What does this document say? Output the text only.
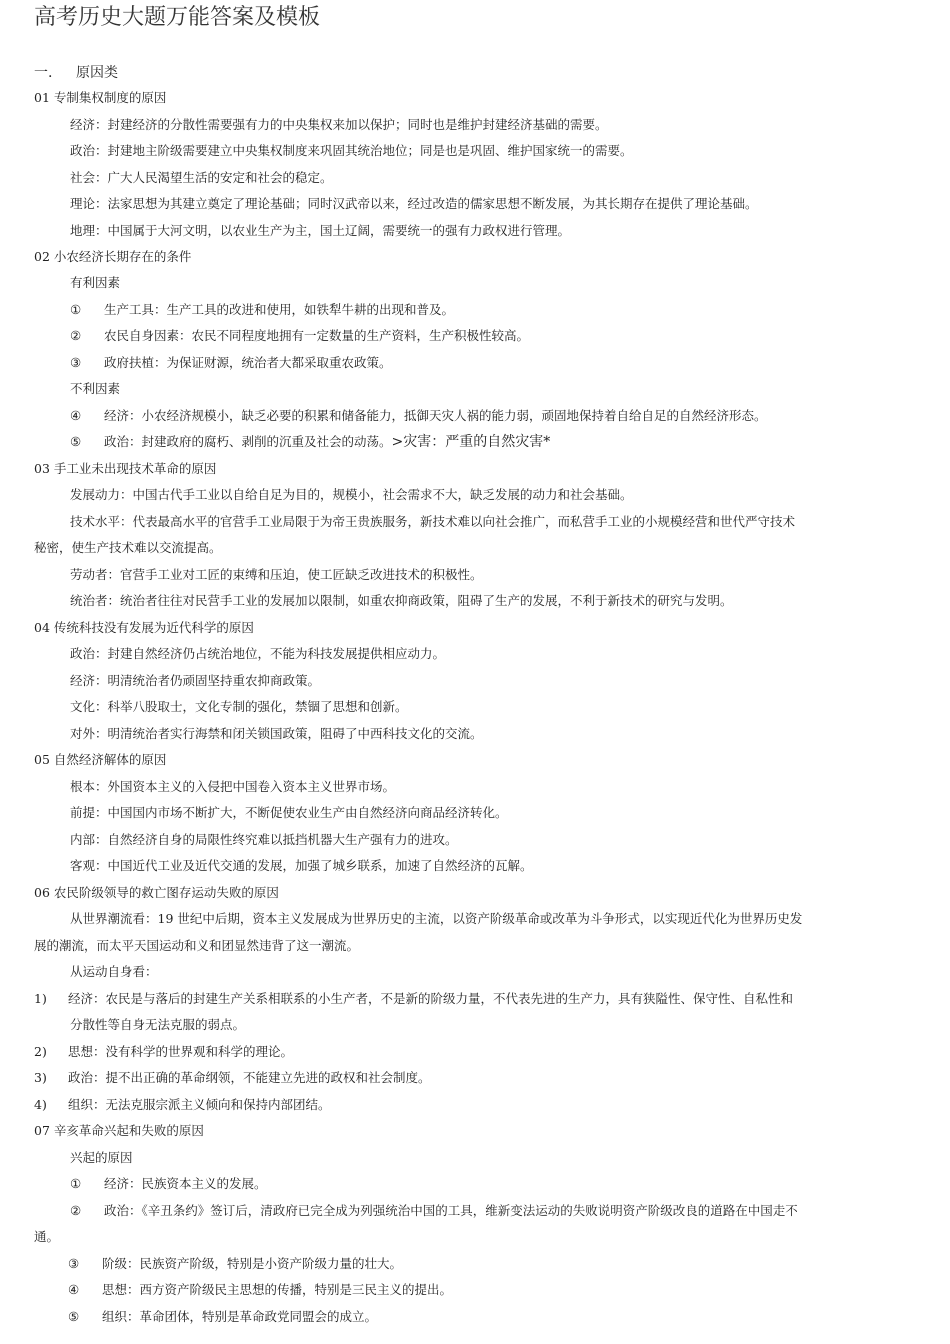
高考历史大题万能答案及模板
一. 原因类
01 专制集权制度的原因
经济：封建经济的分散性需要强有力的中央集权来加以保护；同时也是维护封建经济基础的需要。
政治：封建地主阶级需要建立中央集权制度来巩固其统治地位；同是也是巩固、维护国家统一的需要。
社会：广大人民渴望生活的安定和社会的稳定。
理论：法家思想为其建立奠定了理论基础；同时汉武帝以来，经过改造的儒家思想不断发展，为其长期存在提供了理论基础。
地理：中国属于大河文明，以农业生产为主，国土辽阔，需要统一的强有力政权进行管理。
02 小农经济长期存在的条件
有利因素
① 生产工具：生产工具的改进和使用，如铁犁牛耕的出现和普及。
② 农民自身因素：农民不同程度地拥有一定数量的生产资料，生产积极性较高。
③ 政府扶植：为保证财源，统治者大都采取重农政策。
不利因素
④ 经济：小农经济规模小，缺乏必要的积累和储备能力，抵御天灾人祸的能力弱，顽固地保持着自给自足的自然经济形态。
⑤ 政治：封建政府的腐朽、剥削的沉重及社会的动荡。>灾害：严重的自然灾害*
03 手工业未出现技术革命的原因
发展动力：中国古代手工业以自给自足为目的，规模小，社会需求不大，缺乏发展的动力和社会基础。
技术水平：代表最高水平的官营手工业局限于为帝王贵族服务，新技术难以向社会推广，而私营手工业的小规模经营和世代严守技术
秘密，使生产技术难以交流提高。
劳动者：官营手工业对工匠的束缚和压迫，使工匠缺乏改进技术的积极性。
统治者：统治者往往对民营手工业的发展加以限制，如重农抑商政策，阻碍了生产的发展，不利于新技术的研究与发明。
04 传统科技没有发展为近代科学的原因
政治：封建自然经济仍占统治地位，不能为科技发展提供相应动力。
经济：明清统治者仍顽固坚持重农抑商政策。
文化：科举八股取士，文化专制的强化，禁锢了思想和创新。
对外：明清统治者实行海禁和闭关锁国政策，阻碍了中西科技文化的交流。
05 自然经济解体的原因
根本：外国资本主义的入侵把中国卷入资本主义世界市场。
前提：中国国内市场不断扩大，不断促使农业生产由自然经济向商品经济转化。
内部：自然经济自身的局限性终究难以抵挡机器大生产强有力的进攻。
客观：中国近代工业及近代交通的发展，加强了城乡联系，加速了自然经济的瓦解。
06 农民阶级领导的救亡图存运动失败的原因
从世界潮流看：19 世纪中后期，资本主义发展成为世界历史的主流，以资产阶级革命或改革为斗争形式，以实现近代化为世界历史发
展的潮流，而太平天国运动和义和团显然违背了这一潮流。
从运动自身看：
1) 经济：农民是与落后的封建生产关系相联系的小生产者，不是新的阶级力量，不代表先进的生产力，具有狭隘性、保守性、自私性和
分散性等自身无法克服的弱点。
2) 思想：没有科学的世界观和科学的理论。
3) 政治：提不出正确的革命纲领，不能建立先进的政权和社会制度。
4) 组织：无法克服宗派主义倾向和保持内部团结。
07 辛亥革命兴起和失败的原因
兴起的原因
① 经济：民族资本主义的发展。
② 政治：《辛丑条约》签订后，清政府已完全成为列强统治中国的工具，维新变法运动的失败说明资产阶级改良的道路在中国走不
通。
③ 阶级：民族资产阶级，特别是小资产阶级力量的壮大。
④ 思想：西方资产阶级民主思想的传播，特别是三民主义的提出。
⑤ 组织：革命团体，特别是革命政党同盟会的成立。
